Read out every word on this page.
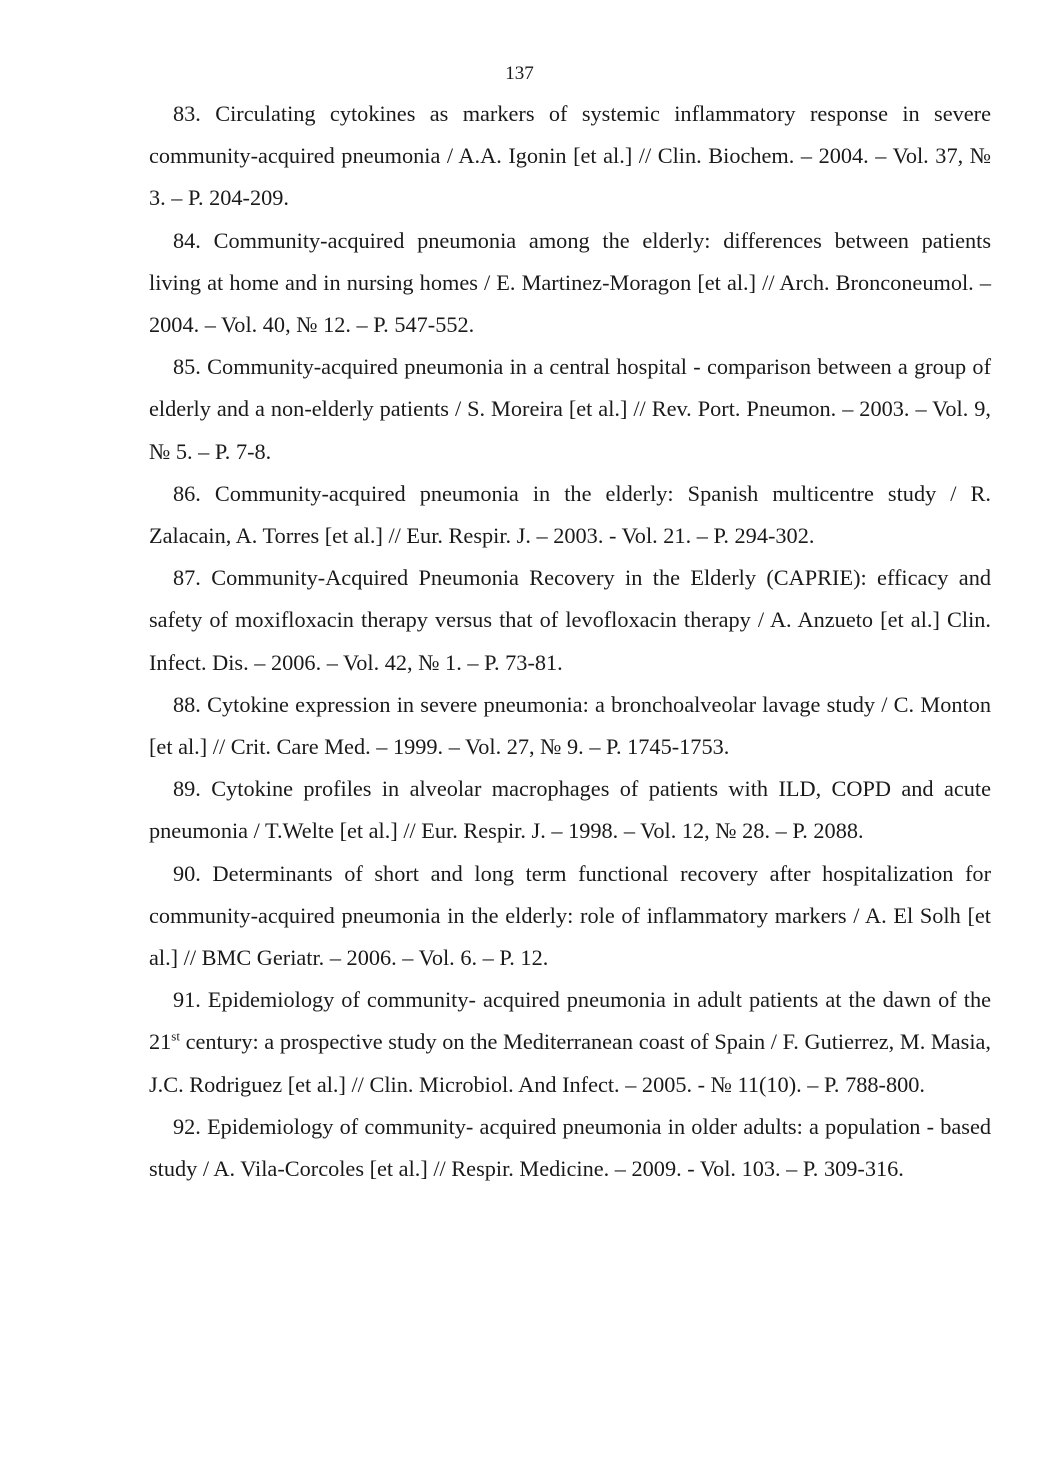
137

83. Circulating cytokines as markers of systemic inflammatory response in severe community-acquired pneumonia / A.A. Igonin [et al.] // Clin. Biochem. – 2004. – Vol. 37, № 3. – P. 204-209.

84. Community-acquired pneumonia among the elderly: differences between patients living at home and in nursing homes / E. Martinez-Moragon [et al.] // Arch. Bronconeumol. – 2004. – Vol. 40, № 12. – P. 547-552.

85. Community-acquired pneumonia in a central hospital - comparison between a group of elderly and a non-elderly patients / S. Moreira [et al.] // Rev. Port. Pneumon. – 2003. – Vol. 9, № 5. – P. 7-8.

86. Community-acquired pneumonia in the elderly: Spanish multicentre study / R. Zalacain, A. Torres [et al.] // Eur. Respir. J. – 2003. - Vol. 21. – P. 294-302.

87. Community-Acquired Pneumonia Recovery in the Elderly (CAPRIE): efficacy and safety of moxifloxacin therapy versus that of levofloxacin therapy / A. Anzueto [et al.] Clin. Infect. Dis. – 2006. – Vol. 42, № 1. – P. 73-81.

88. Cytokine expression in severe pneumonia: a bronchoalveolar lavage study / C. Monton [et al.] // Crit. Care Med. – 1999. – Vol. 27, № 9. – P. 1745-1753.

89. Cytokine profiles in alveolar macrophages of patients with ILD, COPD and acute pneumonia / T.Welte [et al.] // Eur. Respir. J. – 1998. – Vol. 12, № 28. – P. 2088.

90. Determinants of short and long term functional recovery after hospitalization for community-acquired pneumonia in the elderly: role of inflammatory markers / A. El Solh [et al.] // BMC Geriatr. – 2006. – Vol. 6. – P. 12.

91. Epidemiology of community- acquired pneumonia in adult patients at the dawn of the 21st century: a prospective study on the Mediterranean coast of Spain / F. Gutierrez, M. Masia, J.C. Rodriguez [et al.] // Clin. Microbiol. And Infect. – 2005. - № 11(10). – P. 788-800.

92. Epidemiology of community- acquired pneumonia in older adults: a population - based study / A. Vila-Corcoles [et al.] // Respir. Medicine. – 2009. - Vol. 103. – P. 309-316.
